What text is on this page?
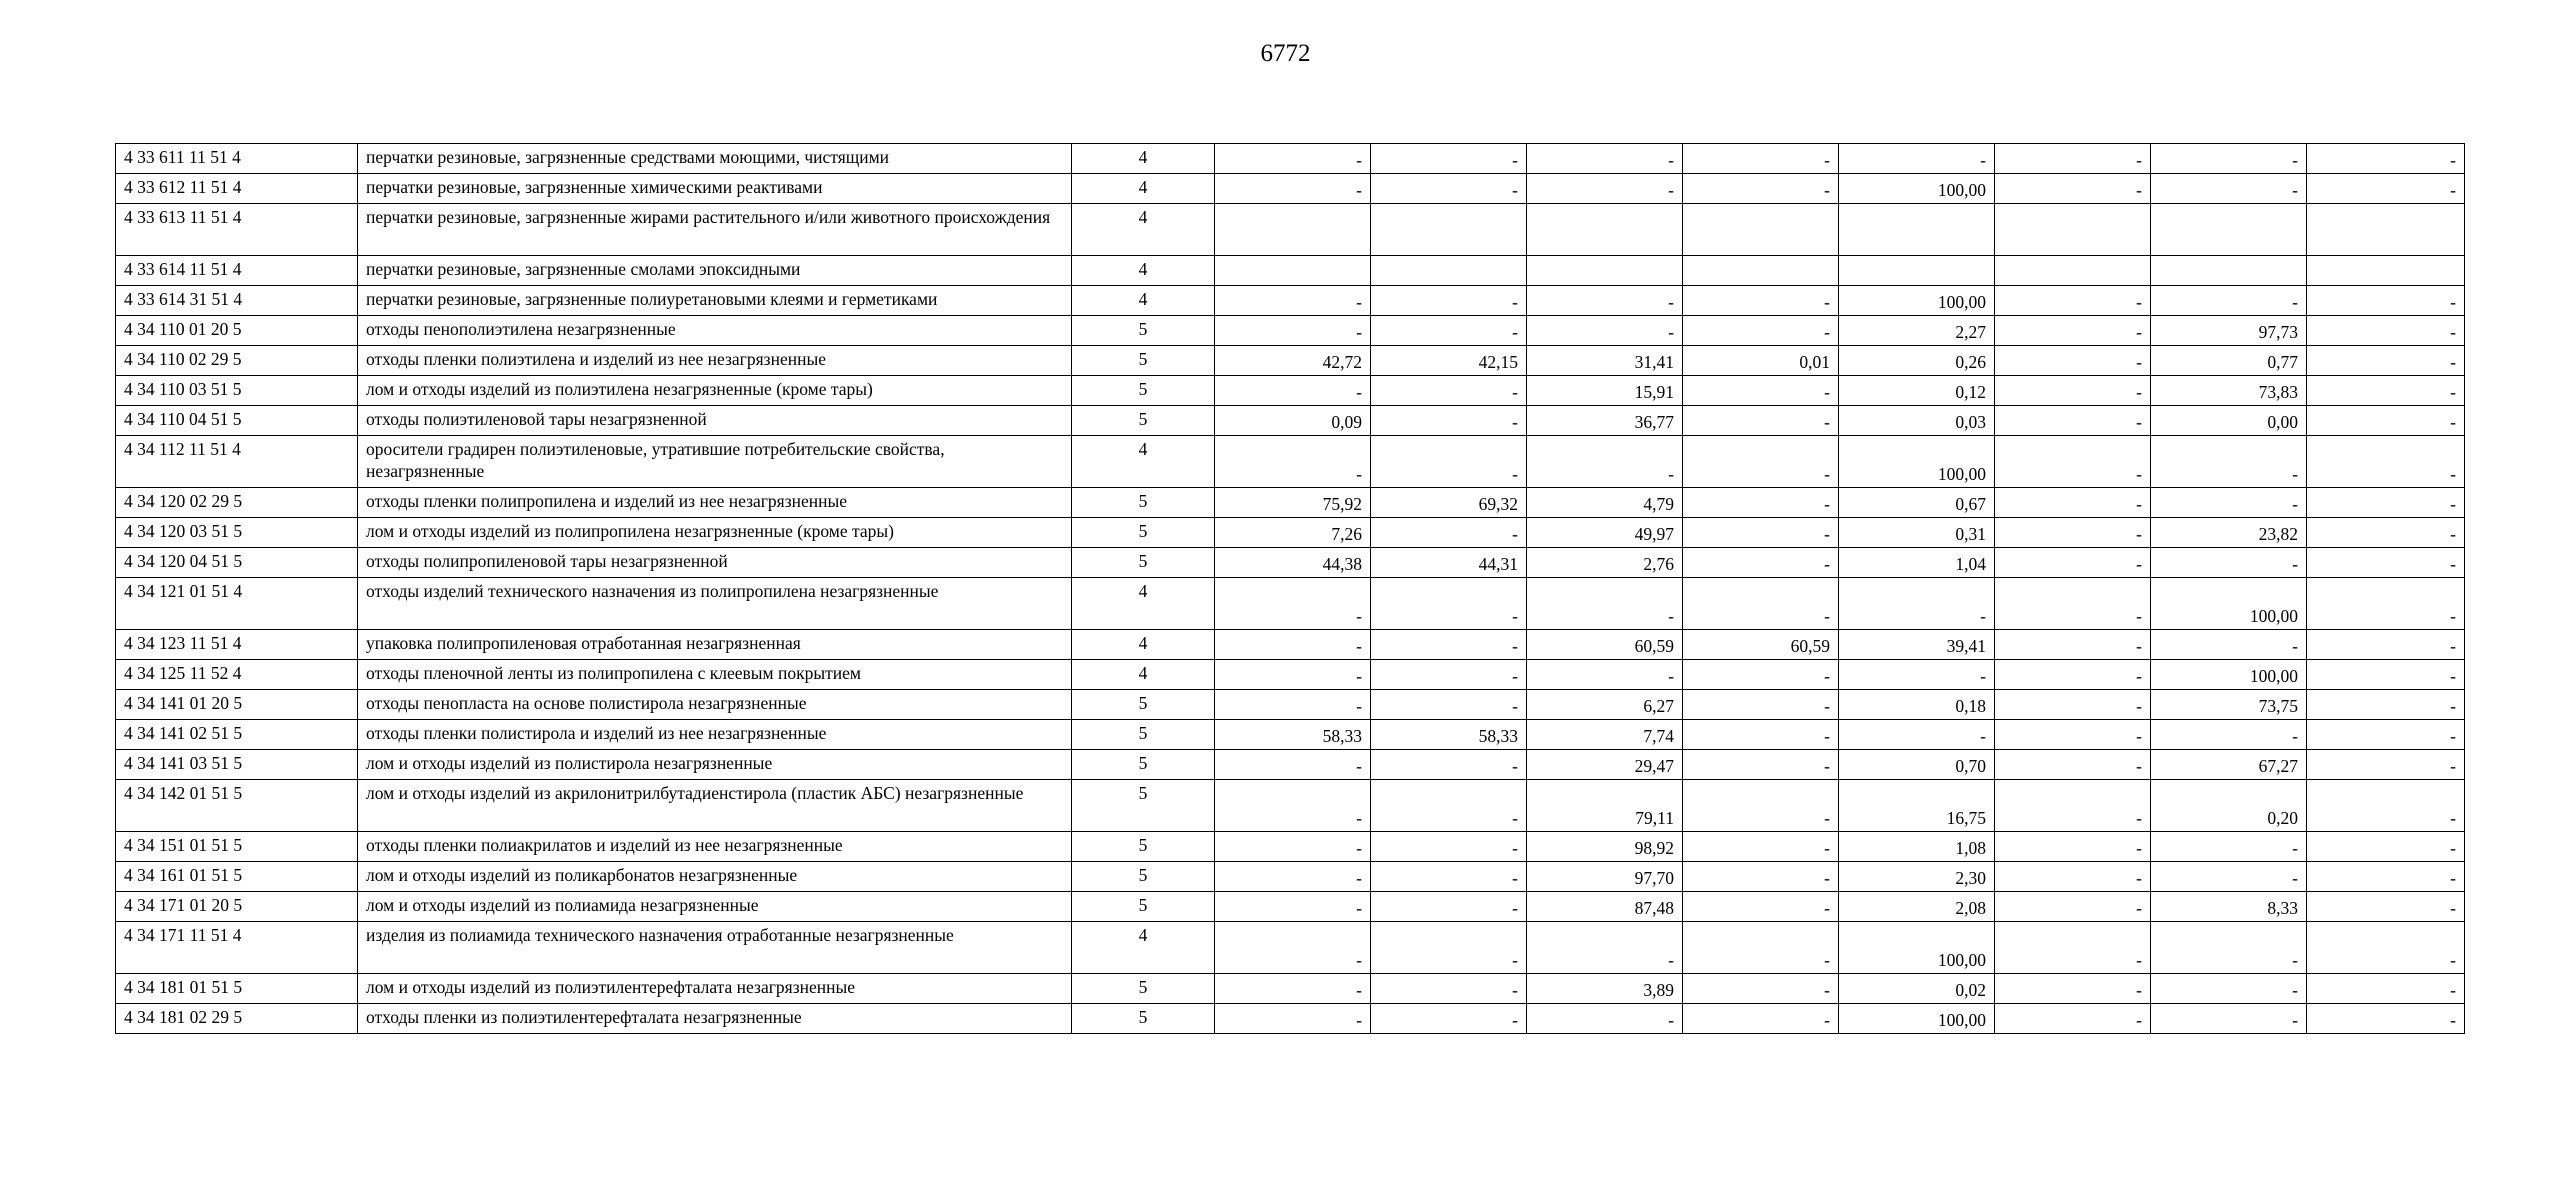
6772
4 33 611 11 51 4	перчатки резиновые, загрязненные средствами моющими, чистящими	4	-	-	-	-	-	-	-	-
4 33 612 11 51 4	перчатки резиновые, загрязненные химическими реактивами	4	-	-	-	-	100,00	-	-	-
4 33 613 11 51 4	перчатки резиновые, загрязненные жирами растительного и/или животного происхождения	4								
4 33 614 11 51 4	перчатки резиновые, загрязненные смолами эпоксидными	4								
4 33 614 31 51 4	перчатки резиновые, загрязненные полиуретановыми клеями и герметиками	4	-	-	-	-	100,00	-	-	-
4 34 110 01 20 5	отходы пенополиэтилена незагрязненные	5	-	-	-	-	2,27	-	97,73	-
4 34 110 02 29 5	отходы пленки полиэтилена и изделий из нее незагрязненные	5	42,72	42,15	31,41	0,01	0,26	-	0,77	-
4 34 110 03 51 5	лом и отходы изделий из полиэтилена незагрязненные (кроме тары)	5	-	-	15,91	-	0,12	-	73,83	-
4 34 110 04 51 5	отходы полиэтиленовой тары незагрязненной	5	0,09	-	36,77	-	0,03	-	0,00	-
4 34 112 11 51 4	оросители градирен полиэтиленовые, утратившие потребительские свойства, незагрязненные	4	-	-	-	-	100,00	-	-	-
4 34 120 02 29 5	отходы пленки полипропилена и изделий из нее незагрязненные	5	75,92	69,32	4,79	-	0,67	-	-	-
4 34 120 03 51 5	лом и отходы изделий из полипропилена незагрязненные (кроме тары)	5	7,26	-	49,97	-	0,31	-	23,82	-
4 34 120 04 51 5	отходы полипропиленовой тары незагрязненной	5	44,38	44,31	2,76	-	1,04	-	-	-
4 34 121 01 51 4	отходы изделий технического назначения из полипропилена незагрязненные	4	-	-	-	-	-	-	100,00	-
4 34 123 11 51 4	упаковка полипропиленовая отработанная незагрязненная	4	-	-	60,59	60,59	39,41	-	-	-
4 34 125 11 52 4	отходы пленочной ленты из полипропилена с клеевым покрытием	4	-	-	-	-	-	-	100,00	-
4 34 141 01 20 5	отходы пенопласта на основе полистирола незагрязненные	5	-	-	6,27	-	0,18	-	73,75	-
4 34 141 02 51 5	отходы пленки полистирола и изделий из нее незагрязненные	5	58,33	58,33	7,74	-	-	-	-	-
4 34 141 03 51 5	лом и отходы изделий из полистирола незагрязненные	5	-	-	29,47	-	0,70	-	67,27	-
4 34 142 01 51 5	лом и отходы изделий из акрилонитрилбутадиенстирола (пластик АБС) незагрязненные	5	-	-	79,11	-	16,75	-	0,20	-
4 34 151 01 51 5	отходы пленки полиакрилатов и изделий из нее незагрязненные	5	-	-	98,92	-	1,08	-	-	-
4 34 161 01 51 5	лом и отходы изделий из поликарбонатов незагрязненные	5	-	-	97,70	-	2,30	-	-	-
4 34 171 01 20 5	лом и отходы изделий из полиамида незагрязненные	5	-	-	87,48	-	2,08	-	8,33	-
4 34 171 11 51 4	изделия из полиамида технического назначения отработанные незагрязненные	4	-	-	-	-	100,00	-	-	-
4 34 181 01 51 5	лом и отходы изделий из полиэтилентерефталата незагрязненные	5	-	-	3,89	-	0,02	-	-	-
4 34 181 02 29 5	отходы пленки из полиэтилентерефталата незагрязненные	5	-	-	-	-	100,00	-	-	-
